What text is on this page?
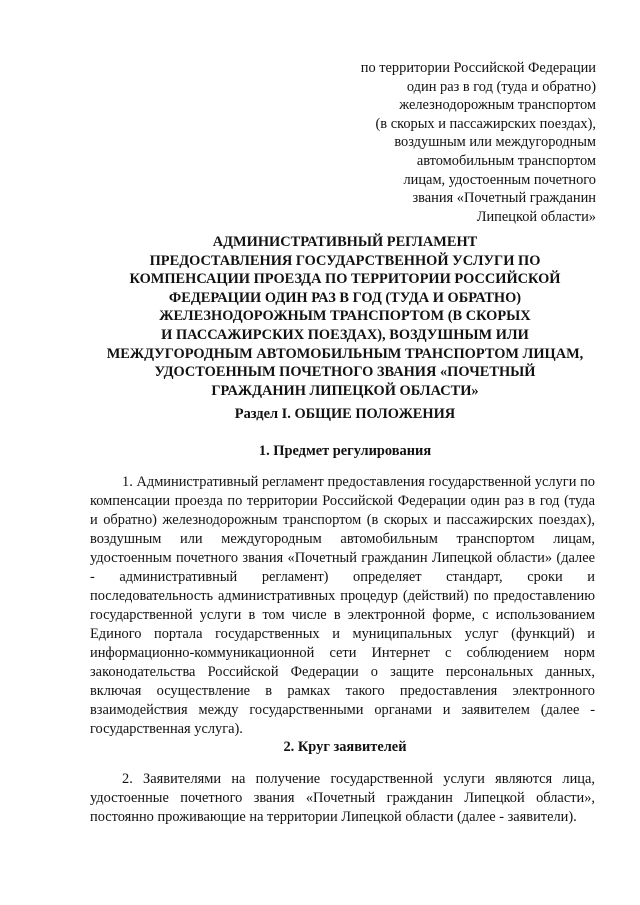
по территории Российской Федерации
один раз в год (туда и обратно)
железнодорожным транспортом
(в скорых и пассажирских поездах),
воздушным или междугородным
автомобильным транспортом
лицам, удостоенным почетного
звания «Почетный гражданин
Липецкой области»
АДМИНИСТРАТИВНЫЙ РЕГЛАМЕНТ
ПРЕДОСТАВЛЕНИЯ ГОСУДАРСТВЕННОЙ УСЛУГИ ПО
КОМПЕНСАЦИИ ПРОЕЗДА ПО ТЕРРИТОРИИ РОССИЙСКОЙ
ФЕДЕРАЦИИ ОДИН РАЗ В ГОД (ТУДА И ОБРАТНО)
ЖЕЛЕЗНОДОРОЖНЫМ ТРАНСПОРТОМ (В СКОРЫХ
И ПАССАЖИРСКИХ ПОЕЗДАХ), ВОЗДУШНЫМ ИЛИ
МЕЖДУГОРОДНЫМ АВТОМОБИЛЬНЫМ ТРАНСПОРТОМ ЛИЦАМ,
УДОСТОЕННЫМ ПОЧЕТНОГО ЗВАНИЯ «ПОЧЕТНЫЙ
ГРАЖДАНИН ЛИПЕЦКОЙ ОБЛАСТИ»
Раздел I. ОБЩИЕ ПОЛОЖЕНИЯ
1. Предмет регулирования

1. Административный регламент предоставления государственной услуги по компенсации проезда по территории Российской Федерации один раз в год (туда и обратно) железнодорожным транспортом (в скорых и пассажирских поездах), воздушным или междугородным автомобильным транспортом лицам, удостоенным почетного звания «Почетный гражданин Липецкой области» (далее - административный регламент) определяет стандарт, сроки и последовательность административных процедур (действий) по предоставлению государственной услуги в том числе в электронной форме, с использованием Единого портала государственных и муниципальных услуг (функций) и информационно-коммуникационной сети Интернет с соблюдением норм законодательства Российской Федерации о защите персональных данных, включая осуществление в рамках такого предоставления электронного взаимодействия между государственными органами и заявителем (далее - государственная услуга).

2. Круг заявителей

2. Заявителями на получение государственной услуги являются лица, удостоенные почетного звания «Почетный гражданин Липецкой области», постоянно проживающие на территории Липецкой области (далее - заявители).
